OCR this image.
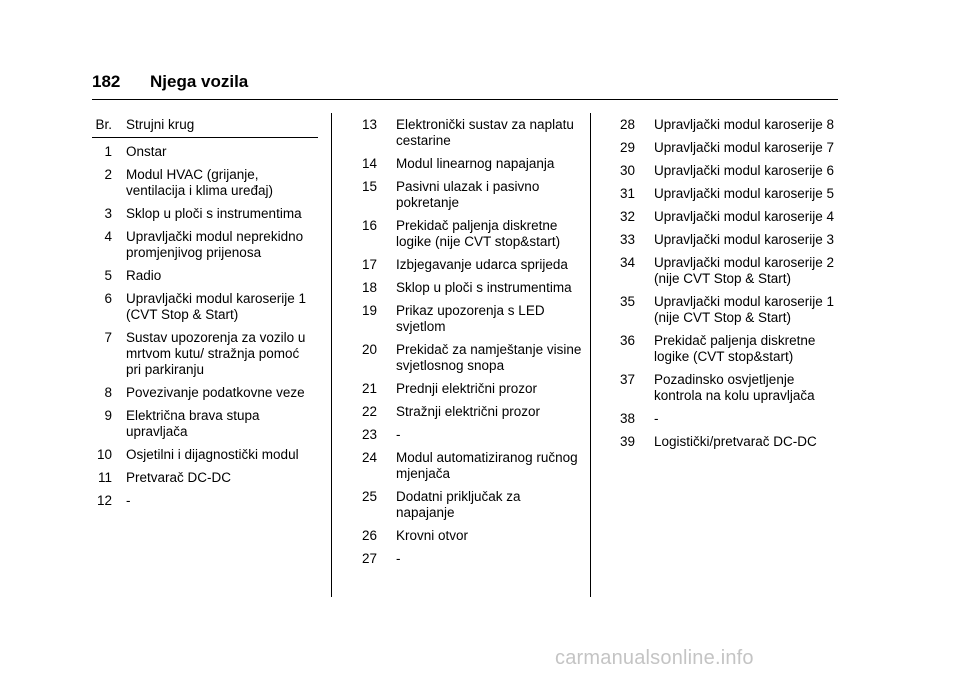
182 Njega vozila
Br. Strujni krug
1 Onstar
2 Modul HVAC (grijanje, ventilacija i klima uređaj)
3 Sklop u ploči s instrumentima
4 Upravljački modul neprekidno promjenjivog prijenosa
5 Radio
6 Upravljački modul karoserije 1 (CVT Stop & Start)
7 Sustav upozorenja za vozilo u mrtvom kutu/ stražnja pomoć pri parkiranju
8 Povezivanje podatkovne veze
9 Električna brava stupa upravljača
10 Osjetilni i dijagnostički modul
11 Pretvarač DC-DC
12 -
13	Elektronički sustav za naplatu cestarine
14	Modul linearnog napajanja
15	Pasivni ulazak i pasivno pokretanje
16	Prekidač paljenja diskretne logike (nije CVT stop&start)
17	Izbjegavanje udarca sprijeda
18	Sklop u ploči s instrumentima
19	Prikaz upozorenja s LED svjetlom
20	Prekidač za namještanje visine svjetlosnog snopa
21	Prednji električni prozor
22	Stražnji električni prozor
23	-
24	Modul automatiziranog ručnog mjenjača
25	Dodatni priključak za napajanje
26	Krovni otvor
27	-
28	Upravljački modul karoserije 8
29	Upravljački modul karoserije 7
30	Upravljački modul karoserije 6
31	Upravljački modul karoserije 5
32	Upravljački modul karoserije 4
33	Upravljački modul karoserije 3
34	Upravljački modul karoserije 2 (nije CVT Stop & Start)
35	Upravljački modul karoserije 1 (nije CVT Stop & Start)
36	Prekidač paljenja diskretne logike (CVT stop&start)
37	Pozadinsko osvjetljenje kontrola na kolu upravljača
38	-
39	Logistički/pretvarač DC-DC
carmanualsonline.info
